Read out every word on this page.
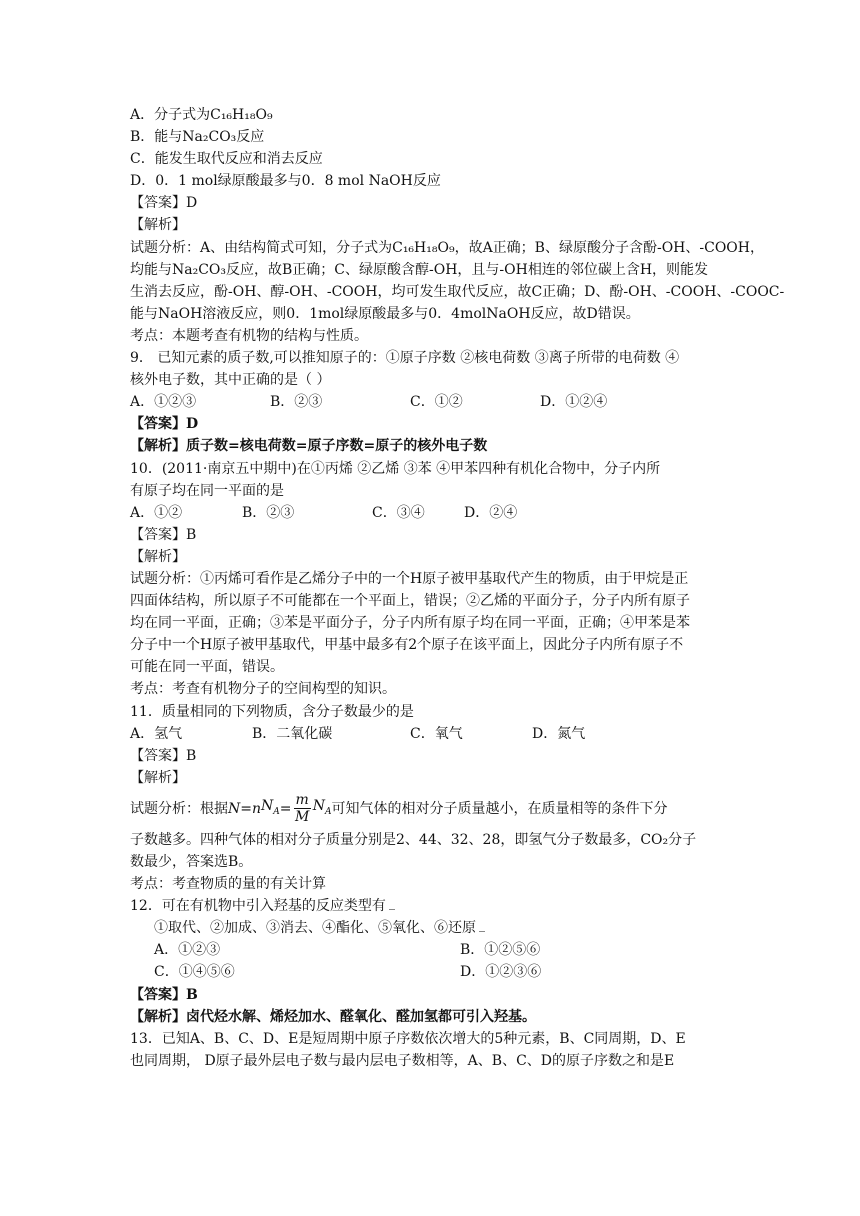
A．分子式为C₁₆H₁₈O₉
B．能与Na₂CO₃反应
C．能发生取代反应和消去反应
D．0．1 mol绿原酸最多与0．8 mol NaOH反应
【答案】D
【解析】
试题分析：A、由结构简式可知，分子式为C₁₆H₁₈O₉，故A正确；B、绿原酸分子含酚-OH、-COOH，
均能与Na₂CO₃反应，故B正确；C、绿原酸含醇-OH，且与-OH相连的邻位碳上含H，则能发
生消去反应，酚-OH、醇-OH、-COOH，均可发生取代反应，故C正确；D、酚-OH、-COOH、-COOC-
能与NaOH溶液反应，则0．1mol绿原酸最多与0．4molNaOH反应，故D错误。
考点：本题考查有机物的结构与性质。
9． 已知元素的质子数,可以推知原子的：①原子序数 ②核电荷数 ③离子所带的电荷数 ④
核外电子数，其中正确的是（ ）
A．①②③	B．②③	C．①②	D．①②④
【答案】D
【解析】质子数=核电荷数=原子序数=原子的核外电子数
10．(2011·南京五中期中)在①丙烯 ②乙烯 ③苯 ④甲苯四种有机化合物中，分子内所
有原子均在同一平面的是
A．①②	B．②③	C．③④	D．②④
【答案】B
【解析】
试题分析：①丙烯可看作是乙烯分子中的一个H原子被甲基取代产生的物质，由于甲烷是正
四面体结构，所以原子不可能都在一个平面上，错误；②乙烯的平面分子，分子内所有原子
均在同一平面，正确；③苯是平面分子，分子内所有原子均在同一平面，正确；④甲苯是苯
分子中一个H原子被甲基取代，甲基中最多有2个原子在该平面上，因此分子内所有原子不
可能在同一平面，错误。
考点：考查有机物分子的空间构型的知识。
11．质量相同的下列物质，含分子数最少的是
A．氢气	B．二氧化碳	C．氧气	D．氮气
【答案】B
【解析】
试题分析：根据 N = n $N_A = \frac{m}{M} N_A$ 可知气体的相对分子质量越小，在质量相等的条件下分
子数越多。四种气体的相对分子质量分别是2、44、32、28，即氢气分子数最多，CO₂分子
数最少，答案选B。
考点：考查物质的量的有关计算
12．可在有机物中引入羟基的反应类型有
①取代、②加成、③消去、④酯化、⑤氧化、⑥还原
A．①②③	B．①②⑤⑥
C．①④⑤⑥	D．①②③⑥
【答案】B
【解析】卤代烃水解、烯烃加水、醛氧化、醛加氢都可引入羟基。
13．已知A、B、C、D、E是短周期中原子序数依次增大的5种元素，B、C同周期，D、E
也同周期， D原子最外层电子数与最内层电子数相等，A、B、C、D的原子序数之和是E
